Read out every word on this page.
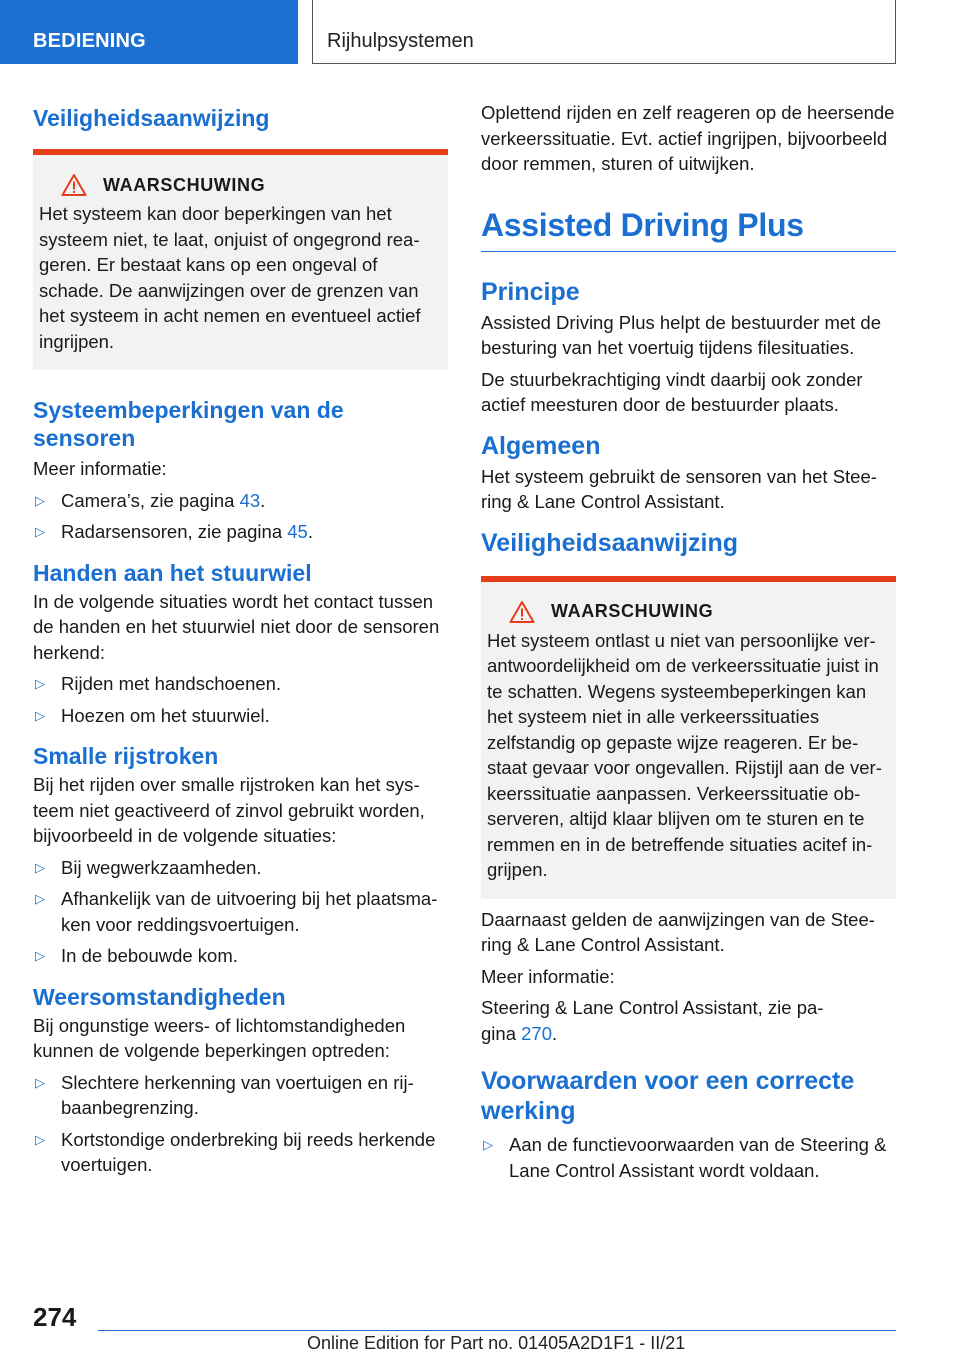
BEDIENING	Rijhulpsystemen
Veiligheidsaanwijzing
WAARSCHUWING

Het systeem kan door beperkingen van het systeem niet, te laat, onjuist of ongegrond reageren. Er bestaat kans op een ongeval of schade. De aanwijzingen over de grenzen van het systeem in acht nemen en eventueel actief ingrijpen.

Systeembeperkingen van de sensoren

Meer informatie:

▷ Camera’s, zie pagina 43.
▷ Radarsensoren, zie pagina 45.
Handen aan het stuurwiel

In de volgende situaties wordt het contact tussen de handen en het stuurwiel niet door de sensoren herkend:

▷ Rijden met handschoenen.
▷ Hoezen om het stuurwiel.
Smalle rijstroken

Bij het rijden over smalle rijstroken kan het systeem niet geactiveerd of zinvol gebruikt worden, bijvoorbeeld in de volgende situaties:

▷ Bij wegwerkzaamheden.
▷ Afhankelijk van de uitvoering bij het plaatsmaken voor reddingsvoertuigen.
▷ In de bebouwde kom.
Weersomstandigheden

Bij ongunstige weers- of lichtomstandigheden kunnen de volgende beperkingen optreden:

▷ Slechtere herkenning van voertuigen en rijbaanbegrenzing.
▷ Kortstondige onderbreking bij reeds herkende voertuigen.

Oplettend rijden en zelf reageren op de heersende verkeerssituatie. Evt. actief ingrijpen, bijvoorbeeld door remmen, sturen of uitwijken.

Assisted Driving Plus
Principe

Assisted Driving Plus helpt de bestuurder met de besturing van het voertuig tijdens filesituaties.

De stuurbekrachtiging vindt daarbij ook zonder actief meesturen door de bestuurder plaats.

Algemeen

Het systeem gebruikt de sensoren van het Steering & Lane Control Assistant.

Veiligheidsaanwijzing
WAARSCHUWING

Het systeem ontlast u niet van persoonlijke verantwoordelijkheid om de verkeerssituatie juist in te schatten. Wegens systeembeperkingen kan het systeem niet in alle verkeerssituaties zelfstandig op gepaste wijze reageren. Er bestaat gevaar voor ongevallen. Rijstijl aan de verkeerssituatie aanpassen. Verkeerssituatie observeren, altijd klaar blijven om te sturen en te remmen en in de betreffende situaties acitef ingrijpen.

Daarnaast gelden de aanwijzingen van de Steering & Lane Control Assistant.

Meer informatie:

Steering & Lane Control Assistant, zie pagina 270.

Voorwaarden voor een correcte werking
▷ Aan de functievoorwaarden van de Steering & Lane Control Assistant wordt voldaan.
274
Online Edition for Part no. 01405A2D1F1 - II/21
